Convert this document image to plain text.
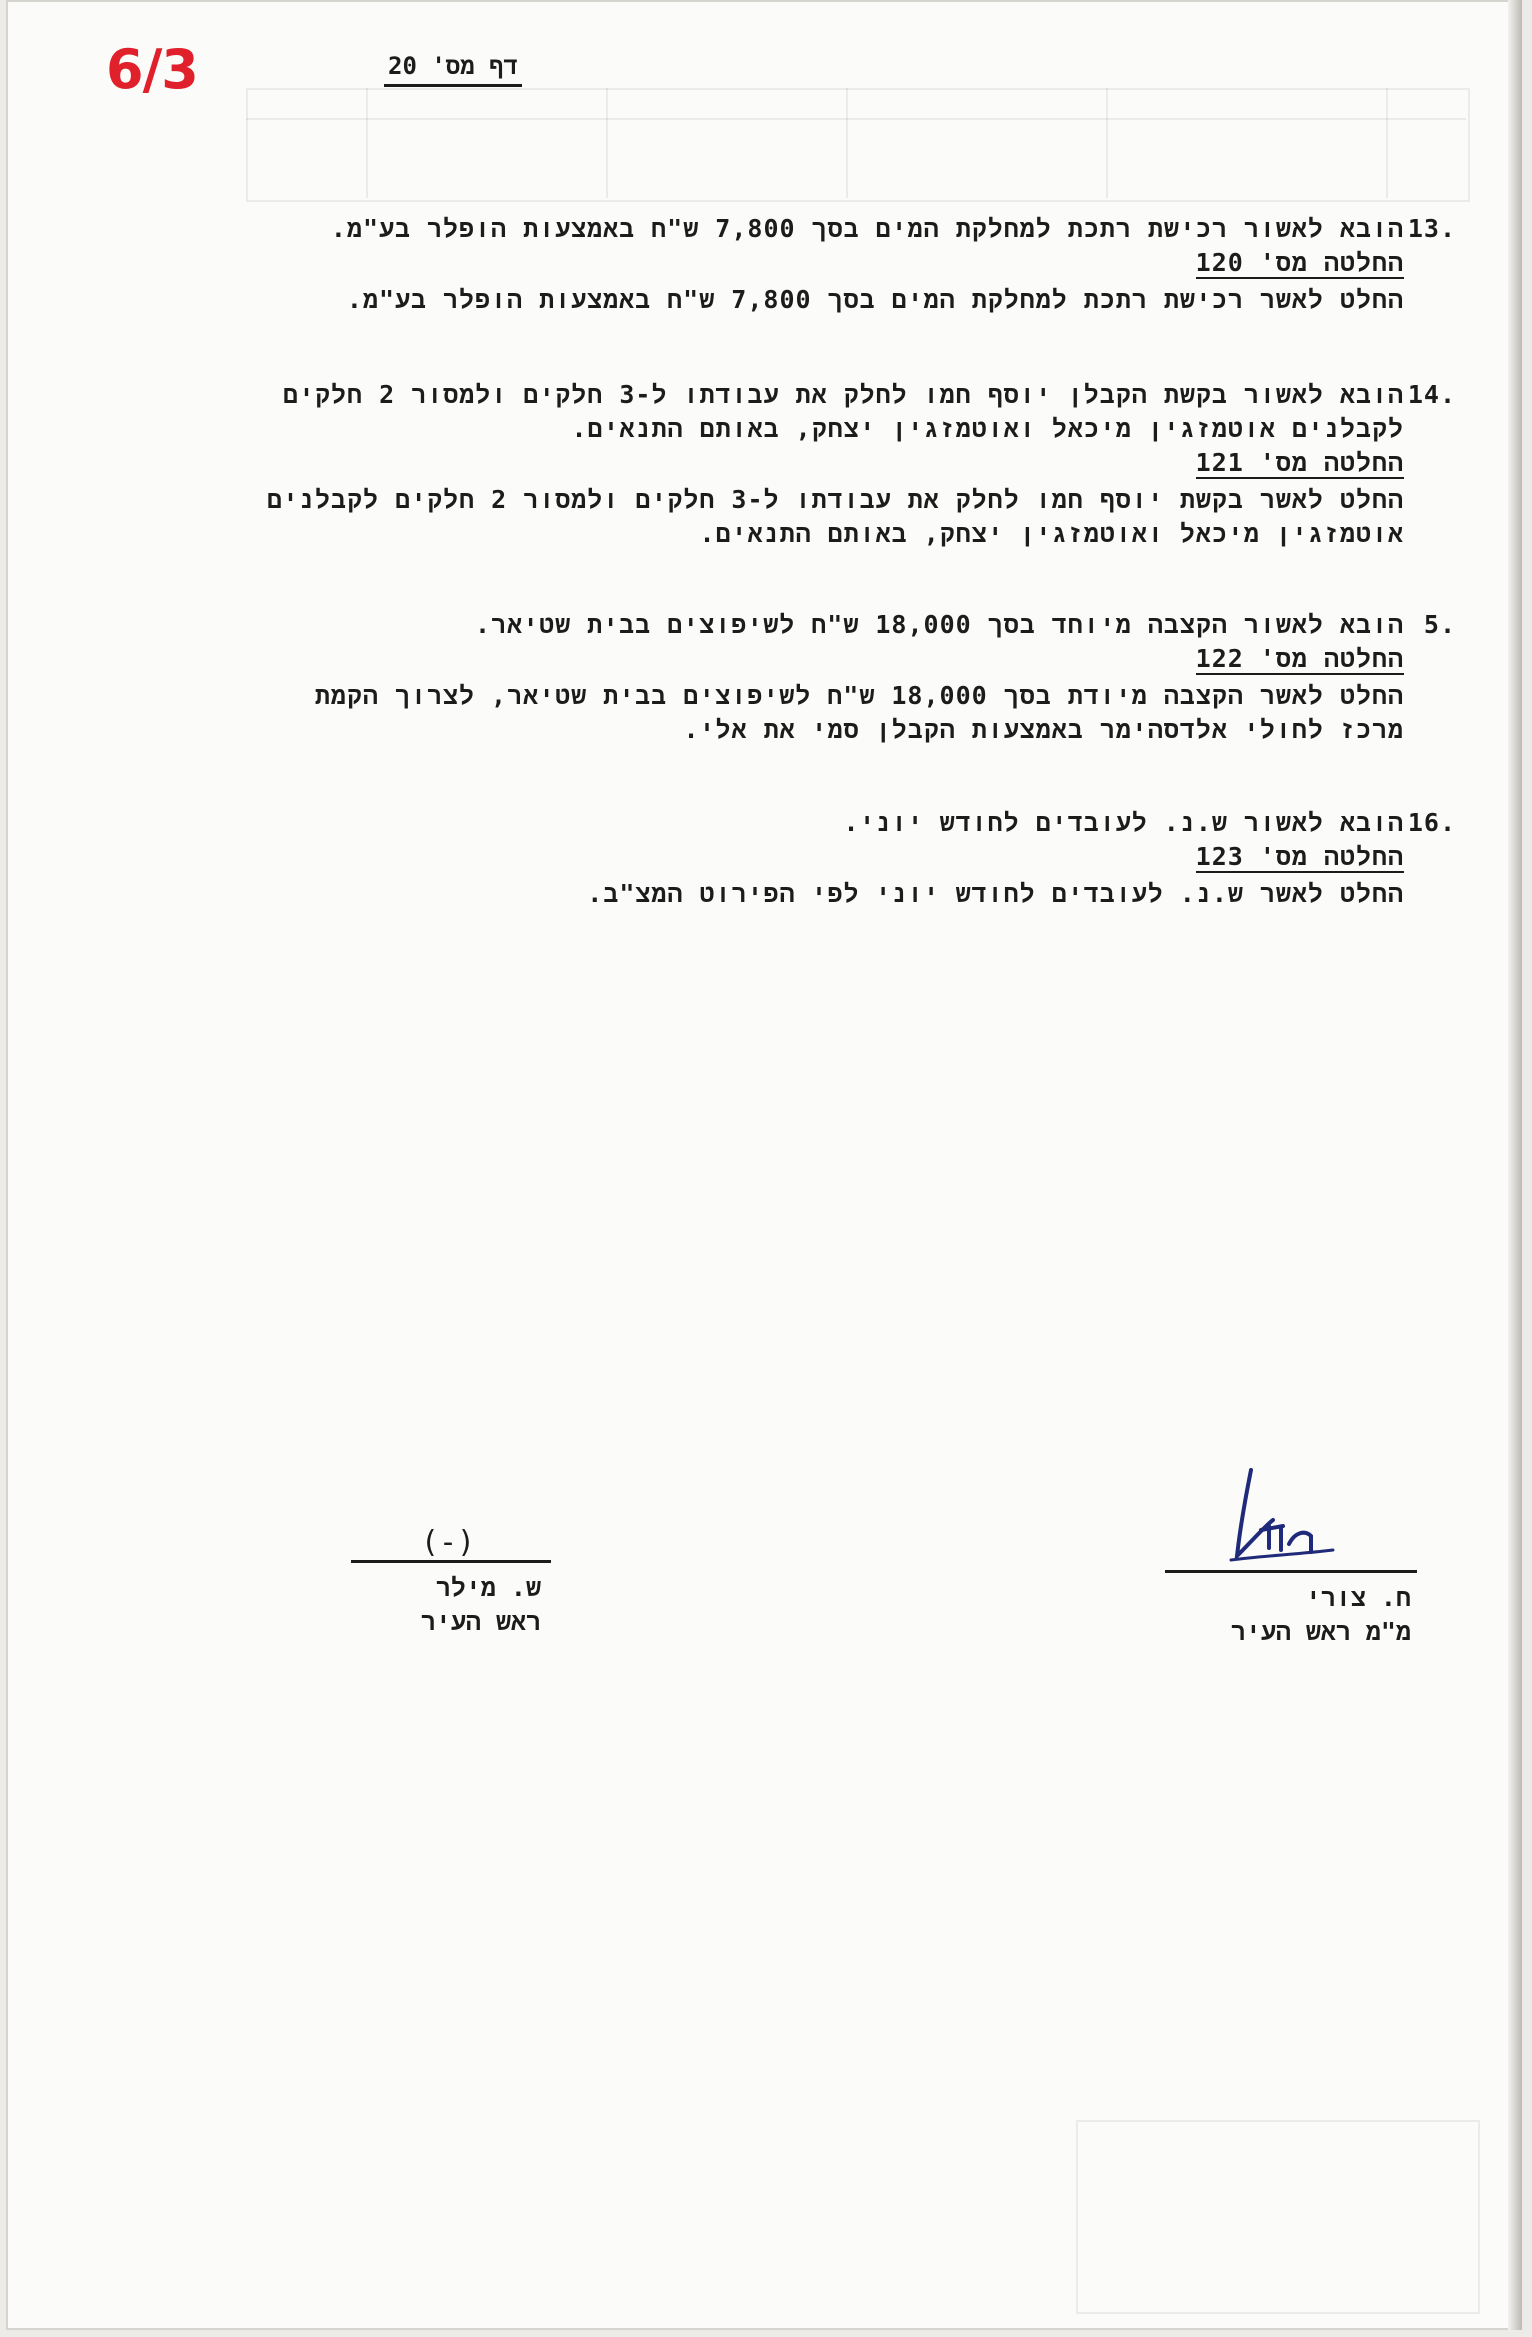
6/3	דף מס' 20
.13הובא לאשור רכישת רתכת למחלקת המים בסך 7,800 ש"ח באמצעות הופלר בע"מ.
החלטה מס' 120
החלט לאשר רכישת רתכת למחלקת המים בסך 7,800 ש"ח באמצעות הופלר בע"מ.
.14הובא לאשור בקשת הקבלן יוסף חמו לחלק את עבודתו ל-3 חלקים ולמסור 2 חלקים
לקבלנים אוטמזגין מיכאל ואוטמזגין יצחק, באותם התנאים.
החלטה מס' 121
החלט לאשר בקשת יוסף חמו לחלק את עבודתו ל-3 חלקים ולמסור 2 חלקים לקבלנים
אוטמזגין מיכאל ואוטמזגין יצחק, באותם התנאים.
.5הובא לאשור הקצבה מיוחד בסך 18,000 ש"ח לשיפוצים בבית שטיאר.
החלטה מס' 122
החלט לאשר הקצבה מיודת בסך 18,000 ש"ח לשיפוצים בבית שטיאר, לצרוך הקמת
מרכז לחולי אלדסהימר באמצעות הקבלן סמי את אלי.
.16הובא לאשור ש.נ. לעובדים לחודש יוני.
החלטה מס' 123
החלט לאשר ש.נ. לעובדים לחודש יוני לפי הפירוט המצ"ב.
(-)
ש. מילר
ראש העיר
ח. צורי
מ"מ ראש העיר
